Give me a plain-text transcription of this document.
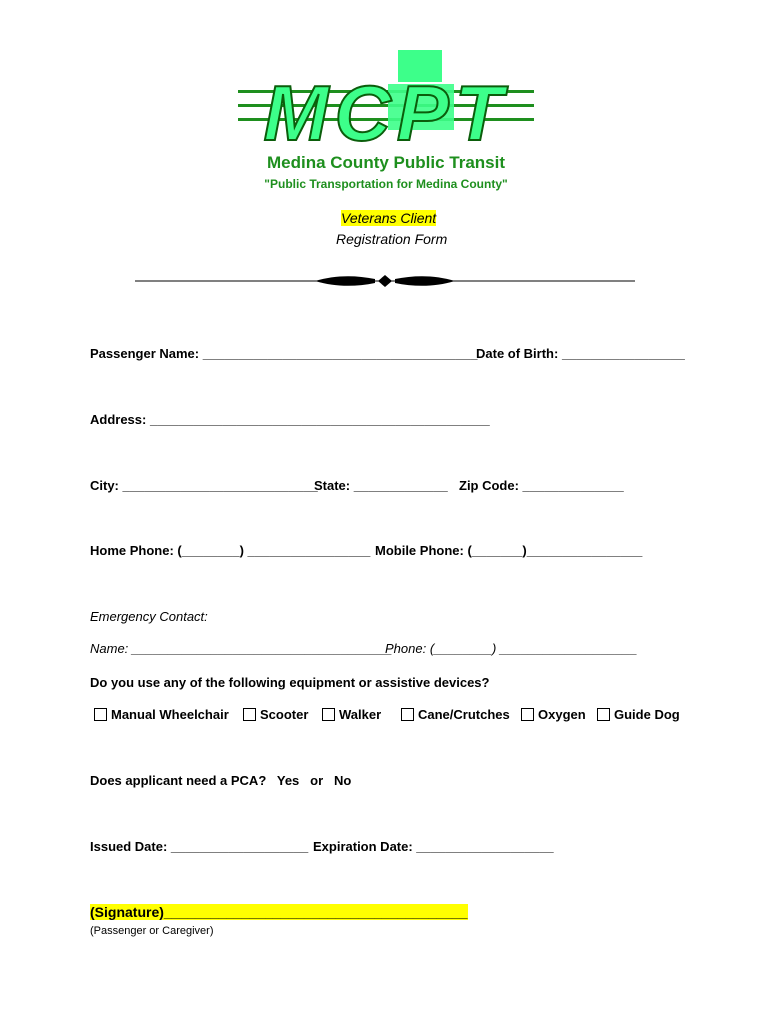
MCPT
Medina County Public Transit
"Public Transportation for Medina County"
Veterans Client
Registration Form
Passenger Name: ______________________________________
Date of Birth: _________________
Address: _______________________________________________
City: ___________________________
State: _____________ Zip Code: ______________
Home Phone: (________) _________________ Mobile Phone: (_______)________________
Emergency Contact:
Name: ____________________________________
Phone: (________) ___________________
Do you use any of the following equipment or assistive devices?
Manual Wheelchair	Scooter	Walker	Cane/Crutches	Oxygen	Guide Dog
Does applicant need a PCA? Yes or No
Issued Date: ___________________ Expiration Date: ___________________
(Signature)_______________________________________
(Passenger or Caregiver)
